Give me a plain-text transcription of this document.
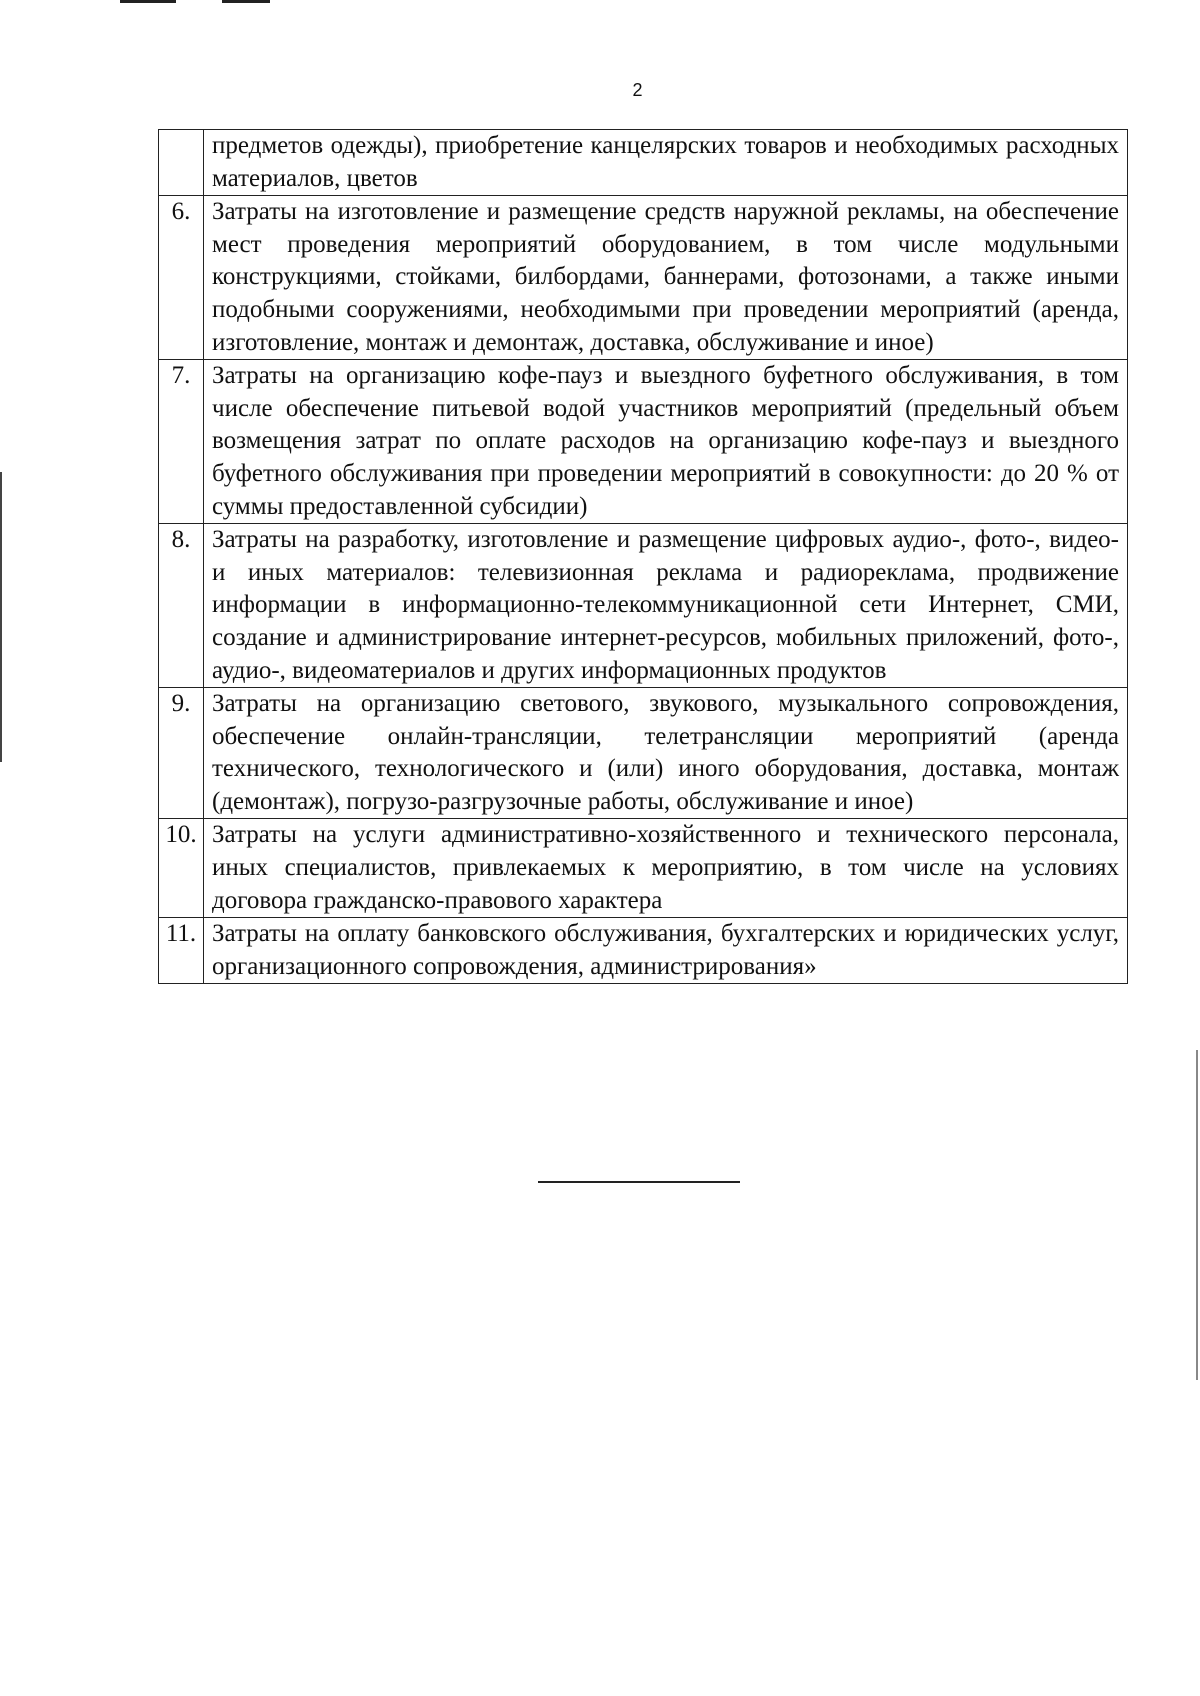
2
	предметов одежды), приобретение канцелярских товаров и необходимых расходных материалов, цветов
6.	Затраты на изготовление и размещение средств наружной рекламы, на обеспечение мест проведения мероприятий оборудованием, в том числе модульными конструкциями, стойками, билбордами, баннерами, фотозонами, а также иными подобными сооружениями, необходимыми при проведении мероприятий (аренда, изготовление, монтаж и демонтаж, доставка, обслуживание и иное)
7.	Затраты на организацию кофе-пауз и выездного буфетного обслуживания, в том числе обеспечение питьевой водой участников мероприятий (предельный объем возмещения затрат по оплате расходов на организацию кофе-пауз и выездного буфетного обслуживания при проведении мероприятий в совокупности: до 20 % от суммы предоставленной субсидии)
8.	Затраты на разработку, изготовление и размещение цифровых аудио-, фото-, видео- и иных материалов: телевизионная реклама и радиореклама, продвижение информации в информационно-телекоммуникационной сети Интернет, СМИ, создание и администрирование интернет-ресурсов, мобильных приложений, фото-, аудио-, видеоматериалов и других информационных продуктов
9.	Затраты на организацию светового, звукового, музыкального сопровождения, обеспечение онлайн-трансляции, телетрансляции мероприятий (аренда технического, технологического и (или) иного оборудования, доставка, монтаж (демонтаж), погрузо-разгрузочные работы, обслуживание и иное)
10.	Затраты на услуги административно-хозяйственного и технического персонала, иных специалистов, привлекаемых к мероприятию, в том числе на условиях договора гражданско-правового характера
11.	Затраты на оплату банковского обслуживания, бухгалтерских и юридических услуг, организационного сопровождения, администрирования»
